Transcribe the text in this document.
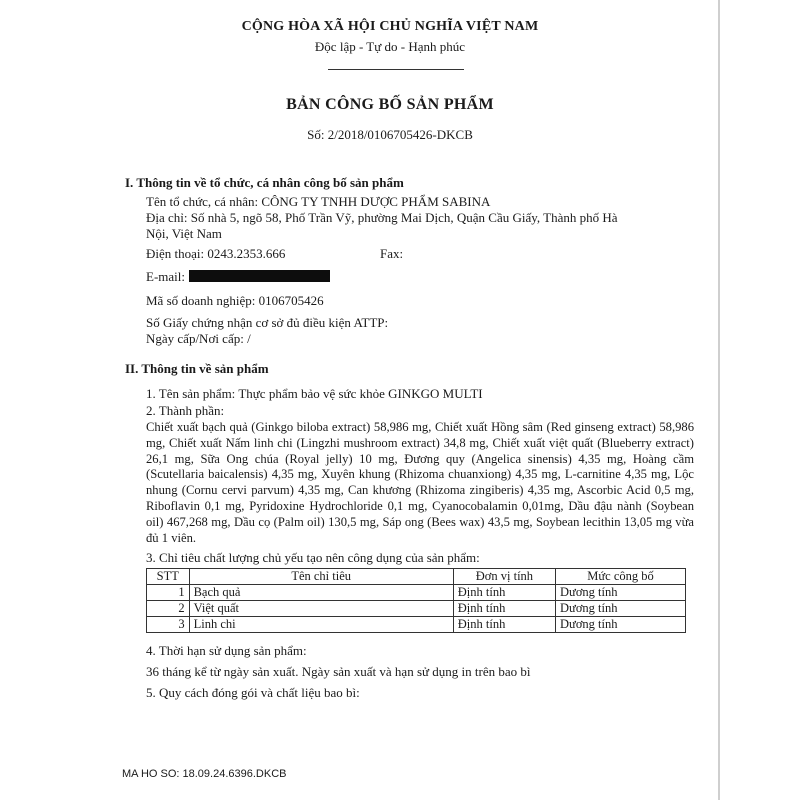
CỘNG HÒA XÃ HỘI CHỦ NGHĨA VIỆT NAM
Độc lập - Tự do - Hạnh phúc
BẢN CÔNG BỐ SẢN PHẨM
Số: 2/2018/0106705426-DKCB
I. Thông tin về tổ chức, cá nhân công bố sản phẩm
Tên tổ chức, cá nhân: CÔNG TY TNHH DƯỢC PHẨM SABINA
Địa chỉ: Số nhà 5, ngõ 58, Phố Trần Vỹ, phường Mai Dịch, Quận Cầu Giấy, Thành phố Hà
Nội, Việt Nam
Điện thoại: 0243.2353.666	Fax:
E-mail:
Mã số doanh nghiệp: 0106705426
Số Giấy chứng nhận cơ sở đủ điều kiện ATTP:
Ngày cấp/Nơi cấp: /
II. Thông tin về sản phẩm
1. Tên sản phẩm: Thực phẩm bảo vệ sức khỏe GINKGO MULTI
2. Thành phần:
Chiết xuất bạch quả (Ginkgo biloba extract) 58,986 mg, Chiết xuất Hồng sâm (Red ginseng extract) 58,986 mg, Chiết xuất Nấm linh chi (Lingzhi mushroom extract) 34,8 mg, Chiết xuất việt quất (Blueberry extract) 26,1 mg, Sữa Ong chúa (Royal jelly) 10 mg, Đương quy (Angelica sinensis) 4,35 mg, Hoàng cầm (Scutellaria baicalensis) 4,35 mg, Xuyên khung (Rhizoma chuanxiong) 4,35 mg, L-carnitine 4,35 mg, Lộc nhung (Cornu cervi parvum) 4,35 mg, Can khương (Rhizoma zingiberis) 4,35 mg, Ascorbic Acid 0,5 mg, Riboflavin 0,1 mg, Pyridoxine Hydrochloride 0,1 mg, Cyanocobalamin 0,01mg, Dầu đậu nành (Soybean oil) 467,268 mg, Dầu cọ (Palm oil) 130,5 mg, Sáp ong (Bees wax) 43,5 mg, Soybean lecithin 13,05 mg vừa đủ 1 viên.
3. Chỉ tiêu chất lượng chủ yếu tạo nên công dụng của sản phẩm:
STT	Tên chỉ tiêu	Đơn vị tính	Mức công bố
1	Bạch quả	Định tính	Dương tính
2	Việt quất	Định tính	Dương tính
3	Linh chi	Định tính	Dương tính
4. Thời hạn sử dụng sản phẩm:
36 tháng kể từ ngày sản xuất. Ngày sản xuất và hạn sử dụng in trên bao bì
5. Quy cách đóng gói và chất liệu bao bì:
MA HO SO: 18.09.24.6396.DKCB
